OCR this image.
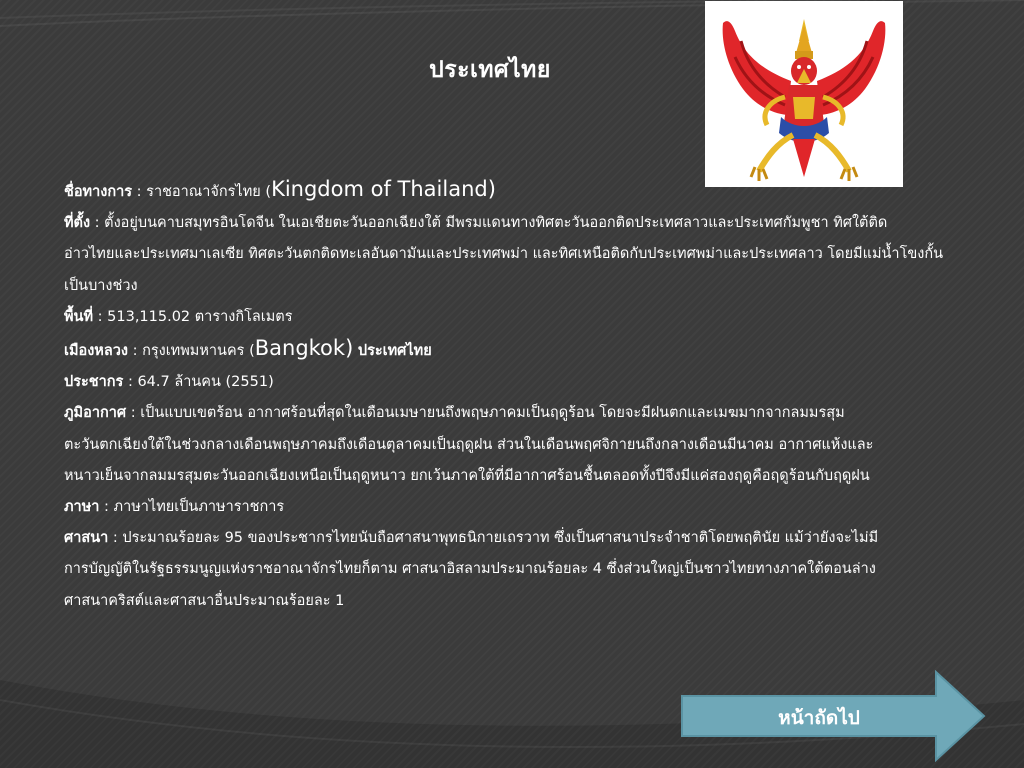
ประเทศไทย

ชื่อทางการ : ราชอาณาจักรไทย (Kingdom of Thailand)

ที่ตั้ง : ตั้งอยู่บนคาบสมุทรอินโดจีน ในเอเชียตะวันออกเฉียงใต้ มีพรมแดนทางทิศตะวันออกติดประเทศลาวและประเทศกัมพูชา ทิศใต้ติด
อ่าวไทยและประเทศมาเลเซีย ทิศตะวันตกติดทะเลอันดามันและประเทศพม่า และทิศเหนือติดกับประเทศพม่าและประเทศลาว โดยมีแม่น้ำโขงกั้น
เป็นบางช่วง

พื้นที่ : 513,115.02 ตารางกิโลเมตร

เมืองหลวง : กรุงเทพมหานคร (Bangkok) ประเทศไทย

ประชากร : 64.7 ล้านคน (2551)

ภูมิอากาศ : เป็นแบบเขตร้อน อากาศร้อนที่สุดในเดือนเมษายนถึงพฤษภาคมเป็นฤดูร้อน โดยจะมีฝนตกและเมฆมากจากลมมรสุม
ตะวันตกเฉียงใต้ในช่วงกลางเดือนพฤษภาคมถึงเดือนตุลาคมเป็นฤดูฝน ส่วนในเดือนพฤศจิกายนถึงกลางเดือนมีนาคม อากาศแห้งและ
หนาวเย็นจากลมมรสุมตะวันออกเฉียงเหนือเป็นฤดูหนาว ยกเว้นภาคใต้ที่มีอากาศร้อนชื้นตลอดทั้งปีจึงมีแค่สองฤดูคือฤดูร้อนกับฤดูฝน

ภาษา : ภาษาไทยเป็นภาษาราชการ

ศาสนา : ประมาณร้อยละ 95 ของประชากรไทยนับถือศาสนาพุทธนิกายเถรวาท ซึ่งเป็นศาสนาประจำชาติโดยพฤตินัย แม้ว่ายังจะไม่มี
การบัญญัติในรัฐธรรมนูญแห่งราชอาณาจักรไทยก็ตาม ศาสนาอิสลามประมาณร้อยละ 4 ซึ่งส่วนใหญ่เป็นชาวไทยทางภาคใต้ตอนล่าง
ศาสนาคริสต์และศาสนาอื่นประมาณร้อยละ 1

หน้าถัดไป
